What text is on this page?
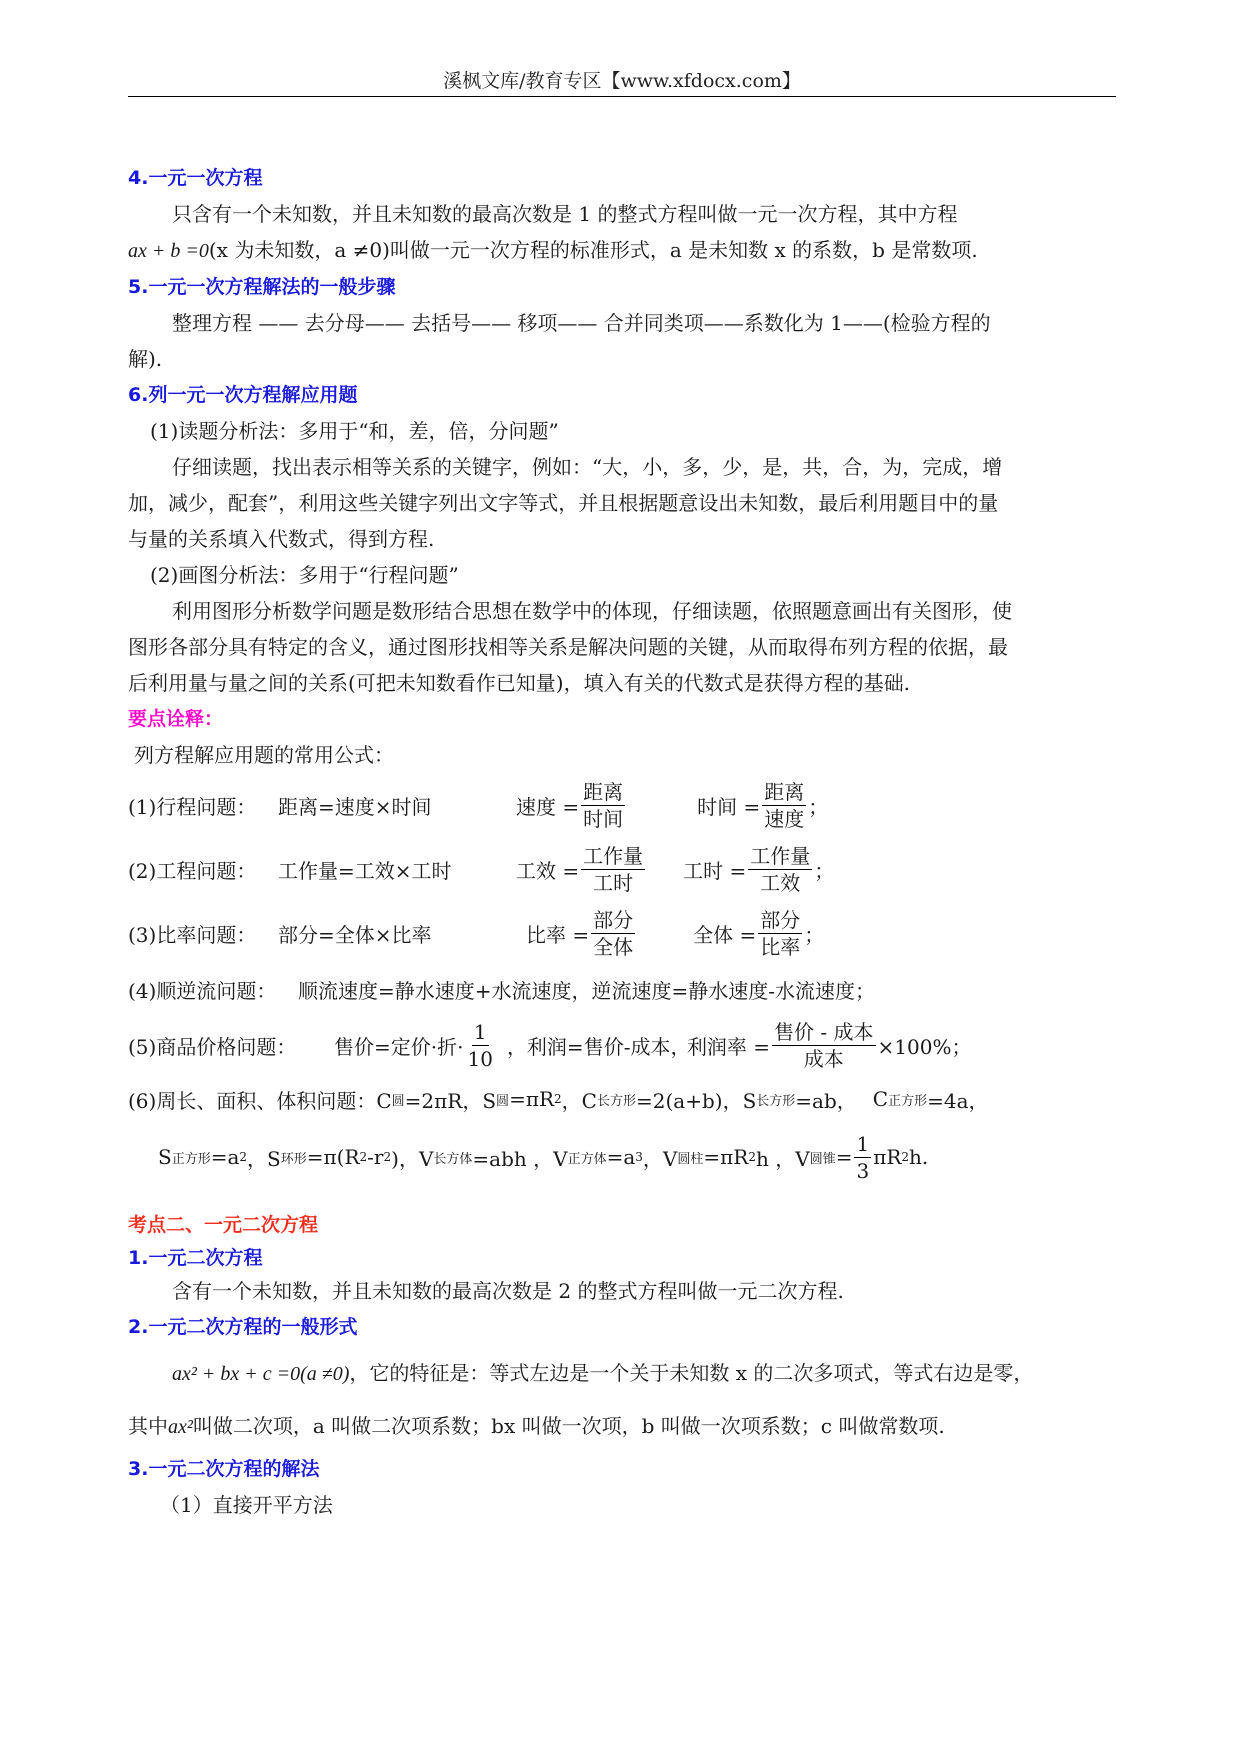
溪枫文库/教育专区【www.xfdocx.com】
4.一元一次方程
只含有一个未知数，并且未知数的最高次数是 1 的整式方程叫做一元一次方程，其中方程
ax + b =0(x 为未知数，a ≠0)叫做一元一次方程的标准形式，a 是未知数 x 的系数，b 是常数项.
5.一元一次方程解法的一般步骤
整理方程 —— 去分母—— 去括号—— 移项—— 合并同类项——系数化为 1——(检验方程的
解).
6.列一元一次方程解应用题
(1)读题分析法：多用于“和，差，倍，分问题”
仔细读题，找出表示相等关系的关键字，例如：“大，小，多，少，是，共，合，为，完成，增
加，减少，配套”，利用这些关键字列出文字等式，并且根据题意设出未知数，最后利用题目中的量
与量的关系填入代数式，得到方程.
(2)画图分析法：多用于“行程问题”
利用图形分析数学问题是数形结合思想在数学中的体现，仔细读题，依照题意画出有关图形，使
图形各部分具有特定的含义，通过图形找相等关系是解决问题的关键，从而取得布列方程的依据，最
后利用量与量之间的关系(可把未知数看作已知量)，填入有关的代数式是获得方程的基础.
要点诠释：
列方程解应用题的常用公式：
(1)行程问题：	距离=速度×时间	速度 = $\frac{\text{距离}}{\text{时间}}$	时间 = $\frac{\text{距离}}{\text{速度}}$ ；
(2)工程问题：	工作量=工效×工时	工效 = $\frac{\text{工作量}}{\text{工时}}$ 工时 = $\frac{\text{工作量}}{\text{工效}}$ ；
(3)比率问题：	部分=全体×比率	比率 = $\frac{\text{部分}}{\text{全体}}$	全体 = $\frac{\text{部分}}{\text{比率}}$ ；
(4)顺逆流问题：	顺流速度=静水速度+水流速度，逆流速度=静水速度-水流速度；
(5)商品价格问题：	售价=定价·折· $\frac{1}{10}$ ，利润=售价-成本，
利润率 = $\frac{\text{售价 - 成本}}{\text{成本}} \times 100\%$；
(6)周长、面积、体积问题：C 圆 =2πR，S 圆 =πR 2 ，C 长方形 =2(a+b)，S 长方形 =ab， C 正方形 =4a，
S 正方形 =a 2 ，S 环形 =π(R 2 -r 2 )，V 长方体 =abh ，V 正方体 =a 3 ，V 圆柱 =πR 2 h ，V 圆锥 = $\frac{1}{3}$ πR 2 h.
考点二、一元二次方程
1.一元二次方程
含有一个未知数，并且未知数的最高次数是 2 的整式方程叫做一元二次方程.
2.一元二次方程的一般形式
ax² + bx + c =0(a ≠0)，它的特征是：等式左边是一个关于未知数 x 的二次多项式，等式右边是零，
其中ax²叫做二次项，a 叫做二次项系数；bx 叫做一次项，b 叫做一次项系数；c 叫做常数项.
3.一元二次方程的解法
（1）直接开平方法
